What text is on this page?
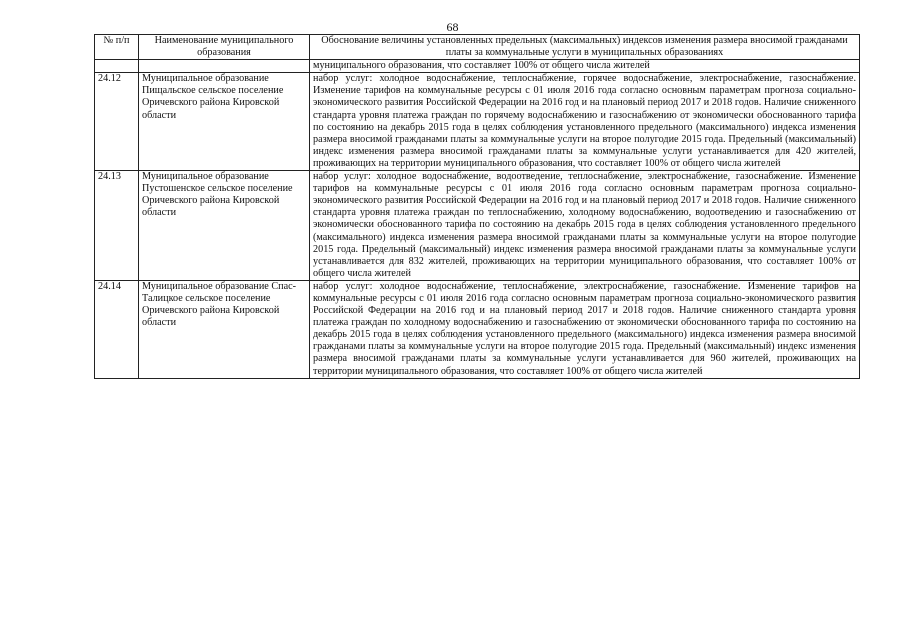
68
№ п/п	Наименование муниципального образования	Обоснование величины установленных предельных (максимальных) индексов изменения размера вносимой гражданами платы за коммунальные услуги в муниципальных образованиях
		муниципального образования, что составляет 100% от общего числа жителей
24.12	Муниципальное образование Пищальское сельское поселение Оричевского района Кировской области	набор услуг: холодное водоснабжение, теплоснабжение, горячее водоснабжение, электроснабжение, газоснабжение. Изменение тарифов на коммунальные ресурсы с 01 июля 2016 года согласно основным параметрам прогноза социально-экономического развития Российской Федерации на 2016 год и на плановый период 2017 и 2018 годов. Наличие сниженного стандарта уровня платежа граждан по горячему водоснабжению и газоснабжению от экономически обоснованного тарифа по состоянию на декабрь 2015 года в целях соблюдения установленного предельного (максимального) индекса изменения размера вносимой гражданами платы за коммунальные услуги на второе полугодие 2015 года. Предельный (максимальный) индекс изменения размера вносимой гражданами платы за коммунальные услуги устанавливается для 420 жителей, проживающих на территории муниципального образования, что составляет 100% от общего числа жителей
24.13	Муниципальное образование Пустошенское сельское поселение Оричевского района Кировской области	набор услуг: холодное водоснабжение, водоотведение, теплоснабжение, электроснабжение, газоснабжение. Изменение тарифов на коммунальные ресурсы с 01 июля 2016 года согласно основным параметрам прогноза социально-экономического развития Российской Федерации на 2016 год и на плановый период 2017 и 2018 годов. Наличие сниженного стандарта уровня платежа граждан по теплоснабжению, холодному водоснабжению, водоотведению и газоснабжению от экономически обоснованного тарифа по состоянию на декабрь 2015 года в целях соблюдения установленного предельного (максимального) индекса изменения размера вносимой гражданами платы за коммунальные услуги на второе полугодие 2015 года. Предельный (максимальный) индекс изменения размера вносимой гражданами платы за коммунальные услуги устанавливается для 832 жителей, проживающих на территории муниципального образования, что составляет 100% от общего числа жителей
24.14	Муниципальное образование Спас-Талицкое сельское поселение Оричевского района Кировской области	набор услуг: холодное водоснабжение, теплоснабжение, электроснабжение, газоснабжение. Изменение тарифов на коммунальные ресурсы с 01 июля 2016 года согласно основным параметрам прогноза социально-экономического развития Российской Федерации на 2016 год и на плановый период 2017 и 2018 годов. Наличие сниженного стандарта уровня платежа граждан по холодному водоснабжению и газоснабжению от экономически обоснованного тарифа по состоянию на декабрь 2015 года в целях соблюдения установленного предельного (максимального) индекса изменения размера вносимой гражданами платы за коммунальные услуги на второе полугодие 2015 года. Предельный (максимальный) индекс изменения размера вносимой гражданами платы за коммунальные услуги устанавливается для 960 жителей, проживающих на территории муниципального образования, что составляет 100% от общего числа жителей
